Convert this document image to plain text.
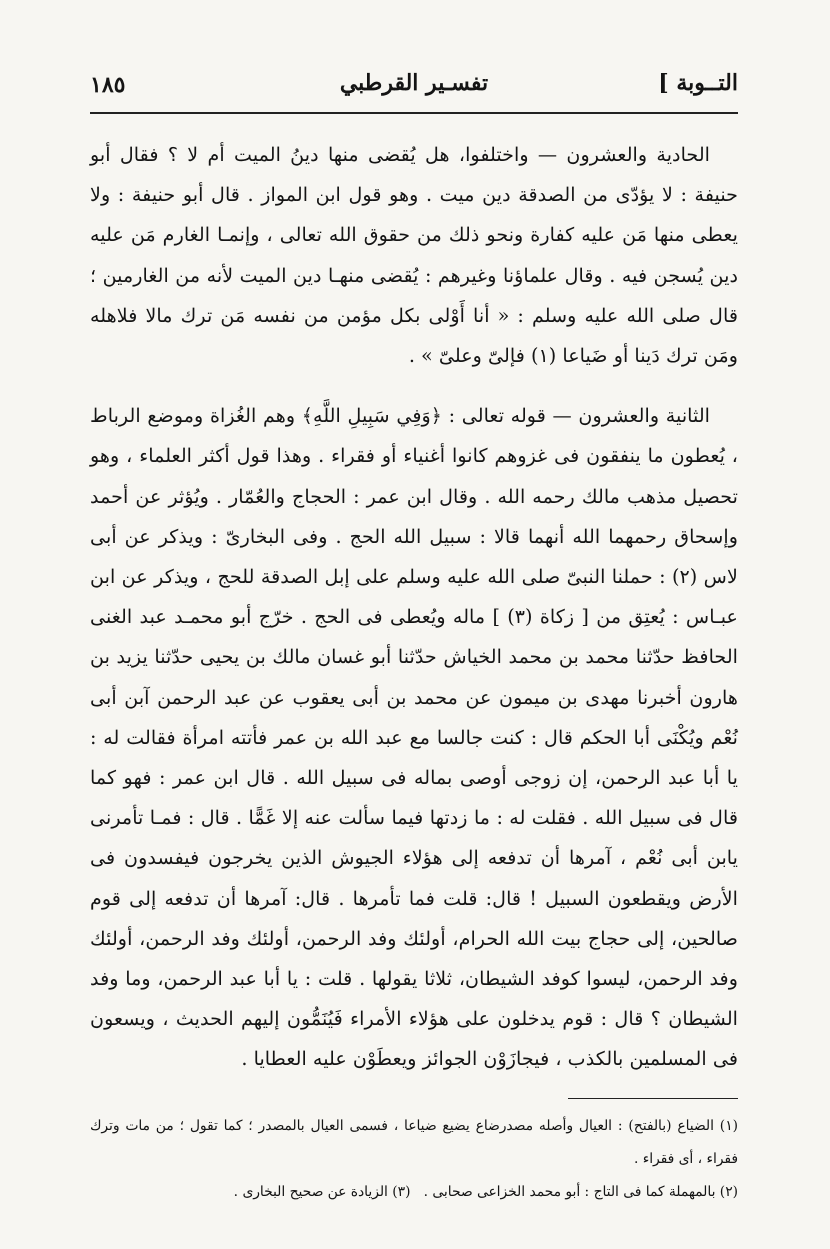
التــوبة ]
تفسـير القرطبي
١٨٥

الحادية والعشرون — واختلفوا، هل يُقضى منها دينُ الميت أم لا ؟ فقال أبو حنيفة : لا يؤدّى من الصدقة دين ميت . وهو قول ابن المواز . قال أبو حنيفة : ولا يعطى منها مَن عليه كفارة ونحو ذلك من حقوق الله تعالى ، وإنمـا الغارم مَن عليه دين يُسجن فيه . وقال علماؤنا وغيرهم : يُقضى منهـا دين الميت لأنه من الغارمين ؛ قال صلى الله عليه وسلم : « أنا أَوْلى بكل مؤمن من نفسه مَن ترك مالا فلاهله ومَن ترك دَينا أو ضَياعا (١) فإلىّ وعلىّ » .

الثانية والعشرون — قوله تعالى : ﴿وَفِي سَبِيلِ اللَّهِ﴾ وهم الغُزاة وموضع الرباط ، يُعطون ما ينفقون فى غزوهم كانوا أغنياء أو فقراء . وهذا قول أكثر العلماء ، وهو تحصيل مذهب مالك رحمه الله . وقال ابن عمر : الحجاج والعُمّار . ويُؤثر عن أحمد وإسحاق رحمهما الله أنهما قالا : سبيل الله الحج . وفى البخارىّ : ويذكر عن أبى لاس (٢) : حملنا النبىّ صلى الله عليه وسلم على إبل الصدقة للحج ، ويذكر عن ابن عبـاس : يُعتِق من [ زكاة (٣) ] ماله ويُعطى فى الحج . خرّج أبو محمـد عبد الغنى الحافظ حدّثنا محمد بن محمد الخياش حدّثنا أبو غسان مالك بن يحيى حدّثنا يزيد بن هارون أخبرنا مهدى بن ميمون عن محمد بن أبى يعقوب عن عبد الرحمن آبن أبى نُعْم ويُكْنَى أبا الحكم قال : كنت جالسا مع عبد الله بن عمر فأتته امرأة فقالت له : يا أبا عبد الرحمن، إن زوجى أوصى بماله فى سبيل الله . قال ابن عمر : فهو كما قال فى سبيل الله . فقلت له : ما زدتها فيما سألت عنه إلا غَمًّا . قال : فمـا تأمرنى يابن أبى نُعْم ، آمرها أن تدفعه إلى هؤلاء الجيوش الذين يخرجون فيفسدون فى الأرض ويقطعون السبيل ! قال: قلت فما تأمرها . قال: آمرها أن تدفعه إلى قوم صالحين، إلى حجاج بيت الله الحرام، أولئك وفد الرحمن، أولئك وفد الرحمن، أولئك وفد الرحمن، ليسوا كوفد الشيطان، ثلاثا يقولها . قلت : يا أبا عبد الرحمن، وما وفد الشيطان ؟ قال : قوم يدخلون على هؤلاء الأمراء فَيُنَمُّون إليهم الحديث ، ويسعون فى المسلمين بالكذب ، فيجازَوْن الجوائز ويعطَوْن عليه العطايا .

(١) الضياع (بالفتح) : العيال وأصله مصدرضاع يضيع ضياعا ، فسمى العيال بالمصدر ؛ كما تقول ؛ من مات وترك فقراء ، أى فقراء .

(٢) بالمهملة كما فى التاج : أبو محمد الخزاعى صحابى .   (٣) الزيادة عن صحيح البخارى .
